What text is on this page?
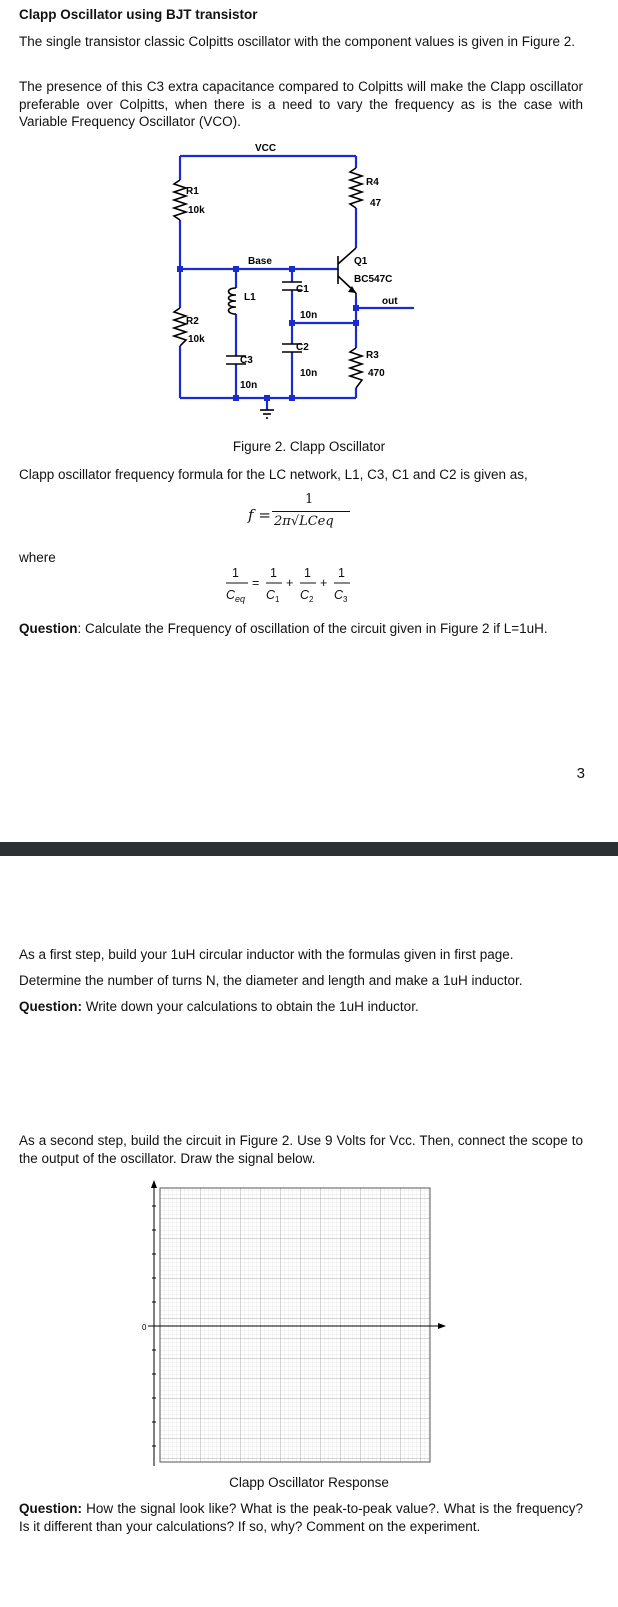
Clapp Oscillator using BJT transistor
The single transistor classic Colpitts oscillator with the component values is given in Figure 2.
The presence of this C3 extra capacitance compared to Colpitts will make the Clapp oscillator preferable over Colpitts, when there is a need to vary the frequency as is the case with Variable Frequency Oscillator (VCO).
VCC
R1
10k
R2
10k
R4
47
R3
470
Base
L1
C1
10n
C2
10n
C3
10n
Q1
BC547C
out
Figure 2. Clapp Oscillator
Clapp oscillator frequency formula for the LC network, L1, C3, C1 and C2 is given as,
f =
1
2π√LCeq
where
1
C eq
=
1
C 1
+
1
C 2
+
1
C 3
Question: Calculate the Frequency of oscillation of the circuit given in Figure 2 if L=1uH.
3
As a first step, build your 1uH circular inductor with the formulas given in first page.
Determine the number of turns N, the diameter and length and make a 1uH inductor.
Question: Write down your calculations to obtain the 1uH inductor.
As a second step, build the circuit in Figure 2. Use 9 Volts for Vcc. Then, connect the scope to the output of the oscillator. Draw the signal below.
0
Clapp Oscillator Response
Question: How the signal look like? What is the peak-to-peak value?. What is the frequency? Is it different than your calculations? If so, why? Comment on the experiment.
